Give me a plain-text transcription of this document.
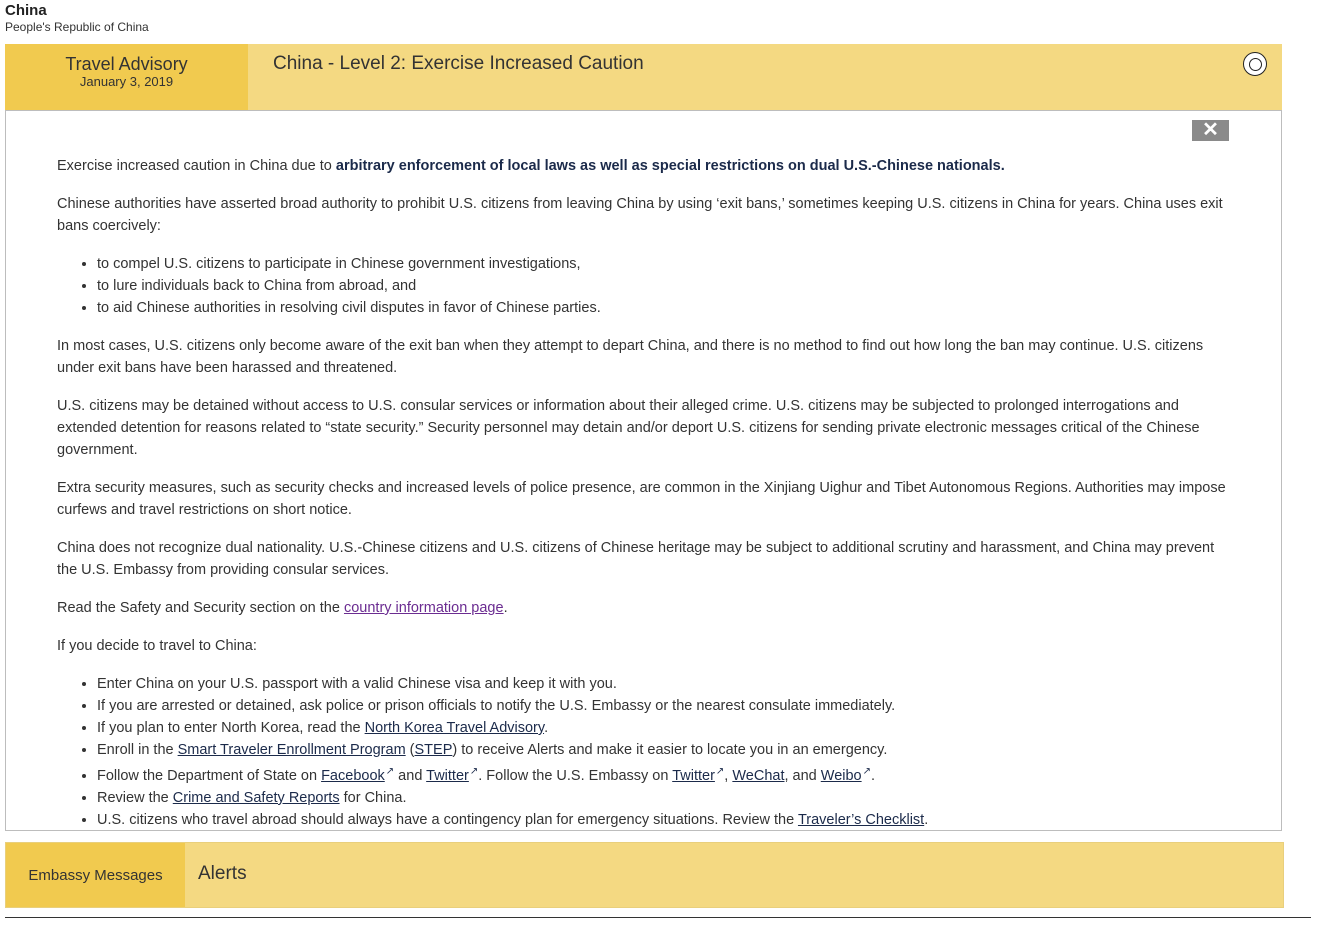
China
People's Republic of China
Travel Advisory
January 3, 2019
China - Level 2: Exercise Increased Caution
✕

Exercise increased caution in China due to arbitrary enforcement of local laws as well as special restrictions on dual U.S.-Chinese nationals.

Chinese authorities have asserted broad authority to prohibit U.S. citizens from leaving China by using ‘exit bans,’ sometimes keeping U.S. citizens in China for years. China uses exit bans coercively:

• to compel U.S. citizens to participate in Chinese government investigations,
• to lure individuals back to China from abroad, and
• to aid Chinese authorities in resolving civil disputes in favor of Chinese parties.

In most cases, U.S. citizens only become aware of the exit ban when they attempt to depart China, and there is no method to find out how long the ban may continue. U.S. citizens under exit bans have been harassed and threatened.

U.S. citizens may be detained without access to U.S. consular services or information about their alleged crime. U.S. citizens may be subjected to prolonged interrogations and extended detention for reasons related to “state security.” Security personnel may detain and/or deport U.S. citizens for sending private electronic messages critical of the Chinese government.

Extra security measures, such as security checks and increased levels of police presence, are common in the Xinjiang Uighur and Tibet Autonomous Regions. Authorities may impose curfews and travel restrictions on short notice.

China does not recognize dual nationality. U.S.-Chinese citizens and U.S. citizens of Chinese heritage may be subject to additional scrutiny and harassment, and China may prevent the U.S. Embassy from providing consular services.

Read the Safety and Security section on the country information page.

If you decide to travel to China:

• Enter China on your U.S. passport with a valid Chinese visa and keep it with you.
• If you are arrested or detained, ask police or prison officials to notify the U.S. Embassy or the nearest consulate immediately.
• If you plan to enter North Korea, read the North Korea Travel Advisory.
• Enroll in the Smart Traveler Enrollment Program (STEP) to receive Alerts and make it easier to locate you in an emergency.
• Follow the Department of State on Facebook↗ and Twitter↗. Follow the U.S. Embassy on Twitter↗, WeChat, and Weibo↗.
• Review the Crime and Safety Reports for China.
• U.S. citizens who travel abroad should always have a contingency plan for emergency situations. Review the Traveler’s Checklist.
Embassy Messages	Alerts
